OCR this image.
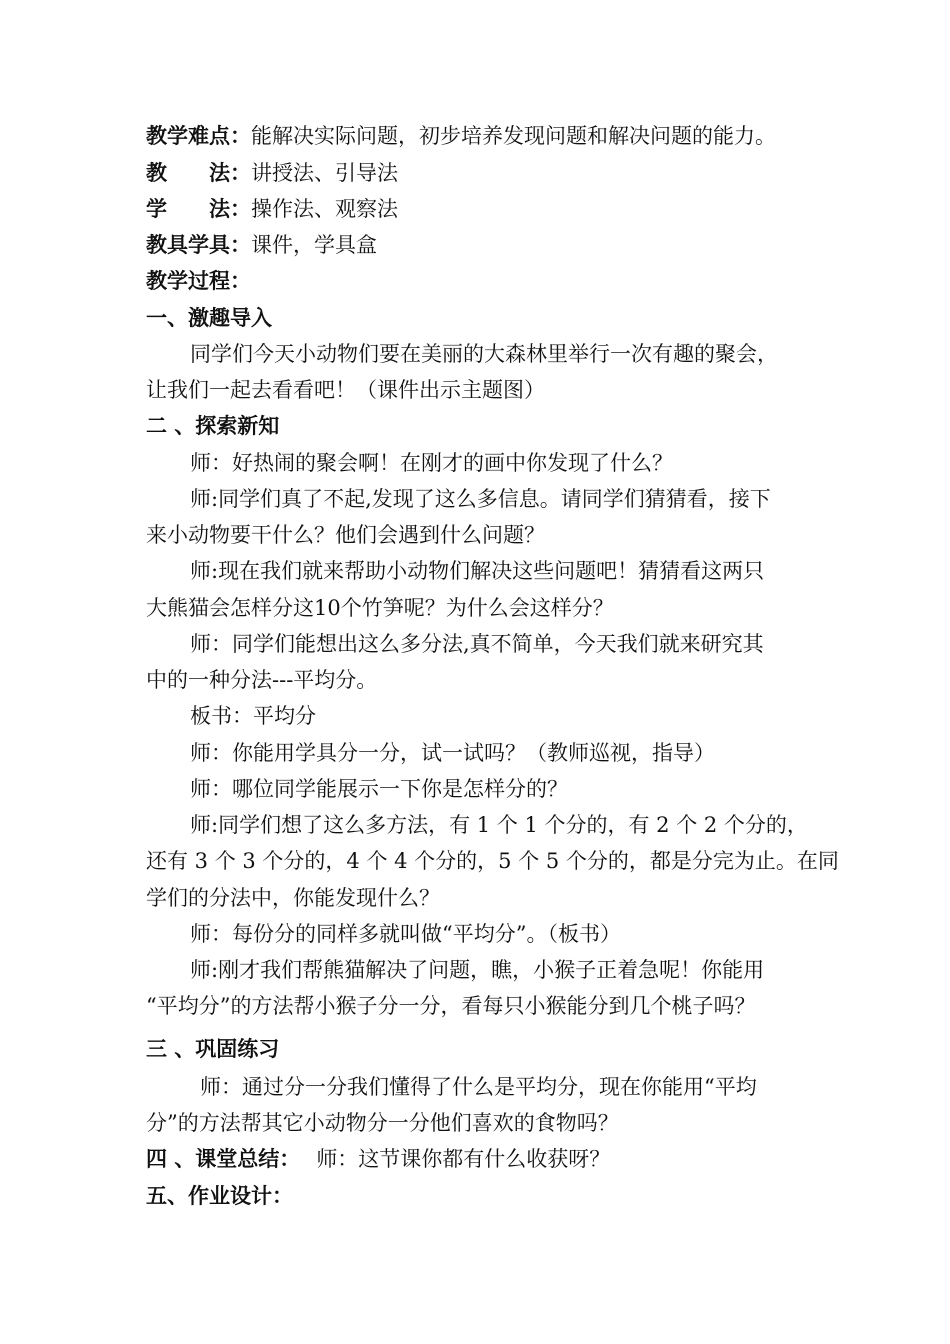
教学难点：能解决实际问题，初步培养发现问题和解决问题的能力。
教 法：讲授法、引导法
学 法：操作法、观察法
教具学具：课件，学具盒
教学过程：
一、激趣导入
同学们今天小动物们要在美丽的大森林里举行一次有趣的聚会，
让我们一起去看看吧！（课件出示主题图）
二 、探索新知
师：好热闹的聚会啊！在刚才的画中你发现了什么？
师:同学们真了不起,发现了这么多信息。请同学们猜猜看，接下
来小动物要干什么？他们会遇到什么问题？
师:现在我们就来帮助小动物们解决这些问题吧！猜猜看这两只
大熊猫会怎样分这10个竹笋呢？为什么会这样分？
师：同学们能想出这么多分法,真不简单，今天我们就来研究其
中的一种分法---平均分。
板书：平均分
师：你能用学具分一分，试一试吗？（教师巡视，指导）
师：哪位同学能展示一下你是怎样分的？
师:同学们想了这么多方法，有 1 个 1 个分的，有 2 个 2 个分的，
还有 3 个 3 个分的，4 个 4 个分的，5 个 5 个分的，都是分完为止。在同
学们的分法中，你能发现什么？
师：每份分的同样多就叫做“平均分”。（板书）
师:刚才我们帮熊猫解决了问题，瞧，小猴子正着急呢！你能用
“平均分”的方法帮小猴子分一分，看每只小猴能分到几个桃子吗？
三 、巩固练习
师：通过分一分我们懂得了什么是平均分，现在你能用“平均
分”的方法帮其它小动物分一分他们喜欢的食物吗？
四 、课堂总结： 师：这节课你都有什么收获呀？
五、作业设计：
